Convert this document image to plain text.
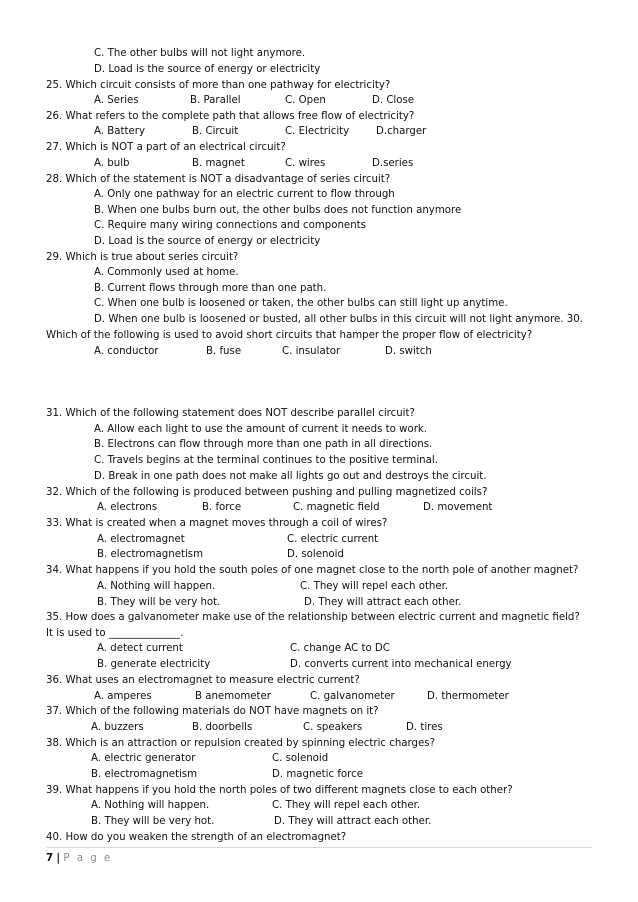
C. The other bulbs will not light anymore.
D. Load is the source of energy or electricity
25. Which circuit consists of more than one pathway for electricity?
A. Series	B. Parallel	C. Open	D. Close
26. What refers to the complete path that allows free flow of electricity?
A. Battery	B. Circuit	C. Electricity	D.charger
27. Which is NOT a part of an electrical circuit?
A. bulb	B. magnet	C. wires	D.series
28. Which of the statement is NOT a disadvantage of series circuit?
A. Only one pathway for an electric current to flow through
B. When one bulbs burn out, the other bulbs does not function anymore
C. Require many wiring connections and components
D. Load is the source of energy or electricity
29. Which is true about series circuit?
A. Commonly used at home.
B. Current flows through more than one path.
C. When one bulb is loosened or taken, the other bulbs can still light up anytime.
D. When one bulb is loosened or busted, all other bulbs in this circuit will not light anymore. 30.
Which of the following is used to avoid short circuits that hamper the proper flow of electricity?
A. conductor	B. fuse	C. insulator	D. switch
31. Which of the following statement does NOT describe parallel circuit?
A. Allow each light to use the amount of current it needs to work.
B. Electrons can flow through more than one path in all directions.
C. Travels begins at the terminal continues to the positive terminal.
D. Break in one path does not make all lights go out and destroys the circuit.
32. Which of the following is produced between pushing and pulling magnetized coils?
A. electrons	B. force	C. magnetic field	D. movement
33. What is created when a magnet moves through a coil of wires?
A. electromagnet	C. electric current
B. electromagnetism	D. solenoid
34. What happens if you hold the south poles of one magnet close to the north pole of another magnet?
A. Nothing will happen.	C. They will repel each other.
B. They will be very hot.	D. They will attract each other.
35. How does a galvanometer make use of the relationship between electric current and magnetic field?
It is used to ______________.
A. detect current	C. change AC to DC
B. generate electricity	D. converts current into mechanical energy
36. What uses an electromagnet to measure electric current?
A. amperes	B anemometer	C. galvanometer	D. thermometer
37. Which of the following materials do NOT have magnets on it?
A. buzzers	B. doorbells	C. speakers	D. tires
38. Which is an attraction or repulsion created by spinning electric charges?
A. electric generator	C. solenoid
B. electromagnetism	D. magnetic force
39. What happens if you hold the north poles of two different magnets close to each other?
A. Nothing will happen.	C. They will repel each other.
B. They will be very hot.	D. They will attract each other.
40. How do you weaken the strength of an electromagnet?
7 | P a g e
